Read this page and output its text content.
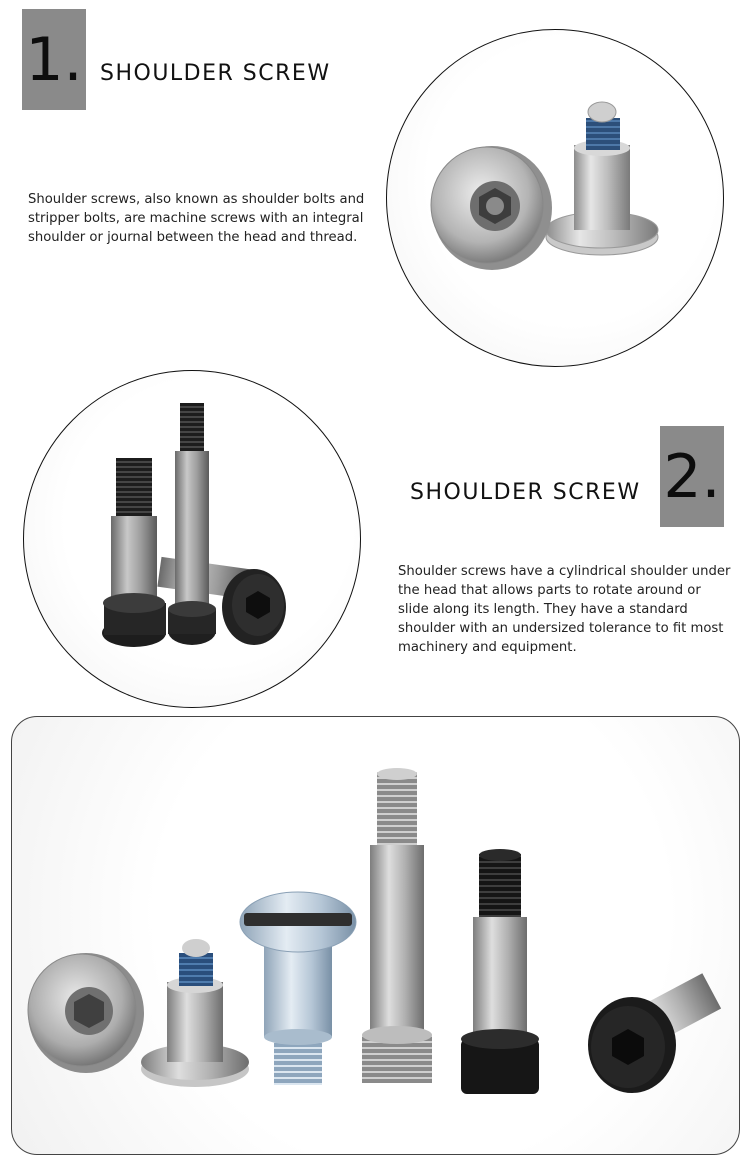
1. SHOULDER SCREW

Shoulder screws, also known as shoulder bolts and stripper bolts, are machine screws with an integral shoulder or journal between the head and thread.

SHOULDER SCREW 2.

Shoulder screws have a cylindrical shoulder under the head that allows parts to rotate around or slide along its length. They have a standard shoulder with an undersized tolerance to fit most machinery and equipment.
